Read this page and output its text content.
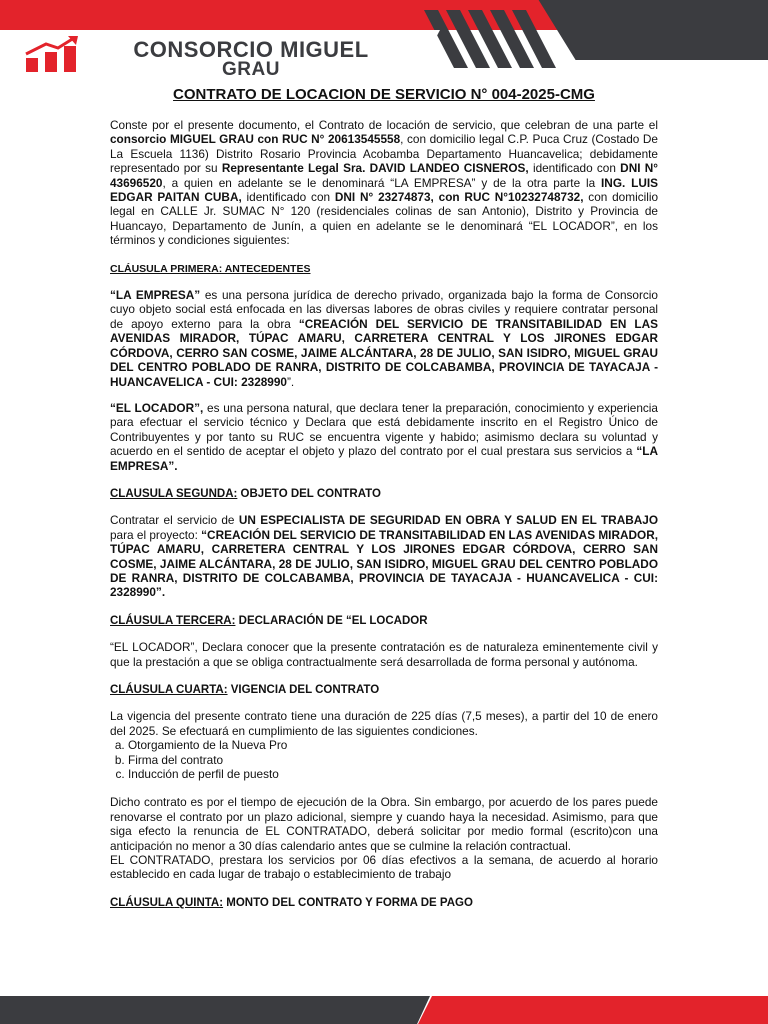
CONSORCIO MIGUEL
GRAU
CONTRATO DE LOCACION DE SERVICIO N° 004-2025-CMG

Conste por el presente documento, el Contrato de locación de servicio, que celebran de una parte el consorcio MIGUEL GRAU con RUC N° 20613545558, con domicilio legal C.P. Puca Cruz (Costado De La Escuela 1136) Distrito Rosario Provincia Acobamba Departamento Huancavelica; debidamente representado por su Representante Legal Sra. DAVID LANDEO CISNEROS, identificado con DNI N° 43696520, a quien en adelante se le denominará “LA EMPRESA” y de la otra parte la ING. LUIS EDGAR PAITAN CUBA, identificado con DNI N° 23274873, con RUC N°10232748732, con domicilio legal en CALLE Jr. SUMAC N° 120 (residenciales colinas de san Antonio), Distrito y Provincia de Huancayo, Departamento de Junín, a quien en adelante se le denominará “EL LOCADOR”, en los términos y condiciones siguientes:

CLÁUSULA PRIMERA: ANTECEDENTES

“LA EMPRESA” es una persona jurídica de derecho privado, organizada bajo la forma de Consorcio cuyo objeto social está enfocada en las diversas labores de obras civiles y requiere contratar personal de apoyo externo para la obra “CREACIÓN DEL SERVICIO DE TRANSITABILIDAD EN LAS AVENIDAS MIRADOR, TÚPAC AMARU, CARRETERA CENTRAL Y LOS JIRONES EDGAR CÓRDOVA, CERRO SAN COSME, JAIME ALCÁNTARA, 28 DE JULIO, SAN ISIDRO, MIGUEL GRAU DEL CENTRO POBLADO DE RANRA, DISTRITO DE COLCABAMBA, PROVINCIA DE TAYACAJA - HUANCAVELICA - CUI: 2328990”.

“EL LOCADOR”, es una persona natural, que declara tener la preparación, conocimiento y experiencia para efectuar el servicio técnico y Declara que está debidamente inscrito en el Registro Único de Contribuyentes y por tanto su RUC se encuentra vigente y habido; asimismo declara su voluntad y acuerdo en el sentido de aceptar el objeto y plazo del contrato por el cual prestara sus servicios a “LA EMPRESA”.

CLAUSULA SEGUNDA: OBJETO DEL CONTRATO

Contratar el servicio de UN ESPECIALISTA DE SEGURIDAD EN OBRA Y SALUD EN EL TRABAJO para el proyecto: “CREACIÓN DEL SERVICIO DE TRANSITABILIDAD EN LAS AVENIDAS MIRADOR, TÚPAC AMARU, CARRETERA CENTRAL Y LOS JIRONES EDGAR CÓRDOVA, CERRO SAN COSME, JAIME ALCÁNTARA, 28 DE JULIO, SAN ISIDRO, MIGUEL GRAU DEL CENTRO POBLADO DE RANRA, DISTRITO DE COLCABAMBA, PROVINCIA DE TAYACAJA - HUANCAVELICA - CUI: 2328990”.

CLÁUSULA TERCERA: DECLARACIÓN DE “EL LOCADOR

“EL LOCADOR”, Declara conocer que la presente contratación es de naturaleza eminentemente civil y que la prestación a que se obliga contractualmente será desarrollada de forma personal y autónoma.

CLÁUSULA CUARTA: VIGENCIA DEL CONTRATO

La vigencia del presente contrato tiene una duración de 225 días (7,5 meses), a partir del 10 de enero del 2025. Se efectuará en cumplimiento de las siguientes condiciones.

a. Otorgamiento de la Nueva Pro
b. Firma del contrato
c. Inducción de perfil de puesto

Dicho contrato es por el tiempo de ejecución de la Obra. Sin embargo, por acuerdo de los pares puede renovarse el contrato por un plazo adicional, siempre y cuando haya la necesidad. Asimismo, para que siga efecto la renuncia de EL CONTRATADO, deberá solicitar por medio formal (escrito)con una anticipación no menor a 30 días calendario antes que se culmine la relación contractual.

EL CONTRATADO, prestara los servicios por 06 días efectivos a la semana, de acuerdo al horario establecido en cada lugar de trabajo o establecimiento de trabajo

CLÁUSULA QUINTA: MONTO DEL CONTRATO Y FORMA DE PAGO
